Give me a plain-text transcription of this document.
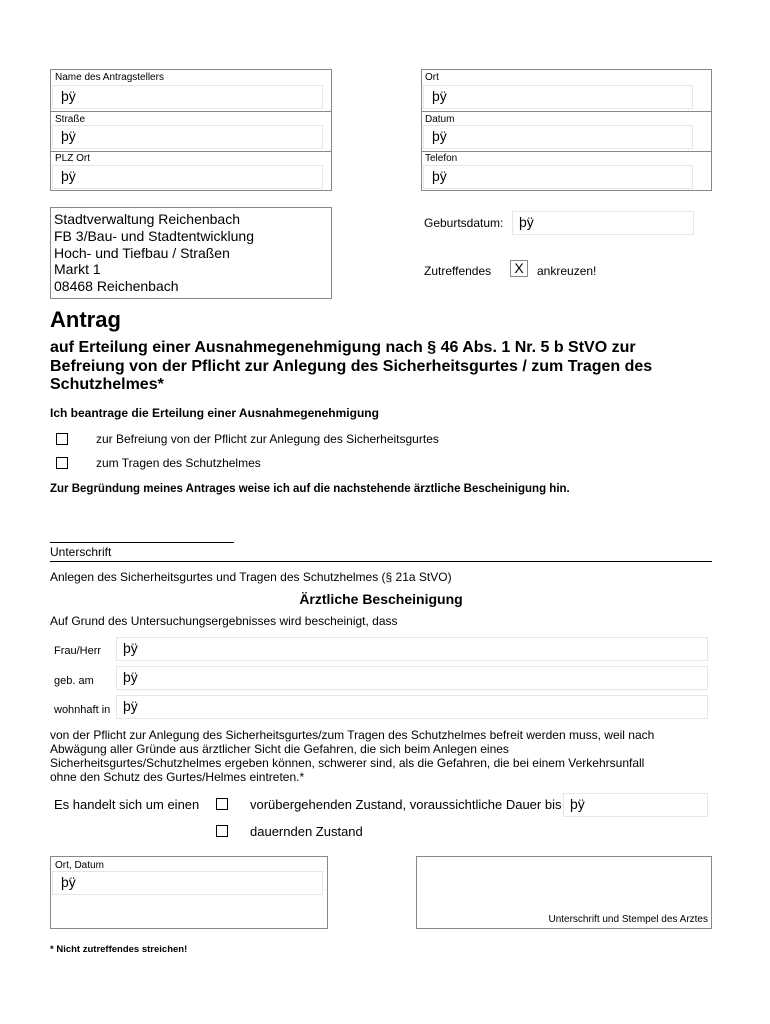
Name des Antragstellers
þÿ
Straße
þÿ
PLZ Ort
þÿ
Ort
þÿ
Datum
þÿ
Telefon
þÿ
Stadtverwaltung Reichenbach
FB 3/Bau- und Stadtentwicklung
Hoch- und Tiefbau / Straßen
Markt 1
08468 Reichenbach
Geburtsdatum:	þÿ
Zutreffendes	X	ankreuzen!
Antrag
auf Erteilung einer Ausnahmegenehmigung nach § 46 Abs. 1 Nr. 5 b StVO zur
Befreiung von der Pflicht zur Anlegung des Sicherheitsgurtes / zum Tragen des
Schutzhelmes*
Ich beantrage die Erteilung einer Ausnahmegenehmigung
zur Befreiung von der Pflicht zur Anlegung des Sicherheitsgurtes
zum Tragen des Schutzhelmes
Zur Begründung meines Antrages weise ich auf die nachstehende ärztliche Bescheinigung hin.
Unterschrift
Anlegen des Sicherheitsgurtes und Tragen des Schutzhelmes (§ 21a StVO)
Ärztliche Bescheinigung
Auf Grund des Untersuchungsergebnisses wird bescheinigt, dass
Frau/Herr	þÿ
geb. am	þÿ
wohnhaft in þÿ
von der Pflicht zur Anlegung des Sicherheitsgurtes/zum Tragen des Schutzhelmes befreit werden muss, weil nach
Abwägung aller Gründe aus ärztlicher Sicht die Gefahren, die sich beim Anlegen eines
Sicherheitsgurtes/Schutzhelmes ergeben können, schwerer sind, als die Gefahren, die bei einem Verkehrsunfall
ohne den Schutz des Gurtes/Helmes eintreten.*
Es handelt sich um einen	vorübergehenden Zustand, voraussichtliche Dauer bis þÿ
dauernden Zustand
Ort, Datum
þÿ
Unterschrift und Stempel des Arztes
* Nicht zutreffendes streichen!
